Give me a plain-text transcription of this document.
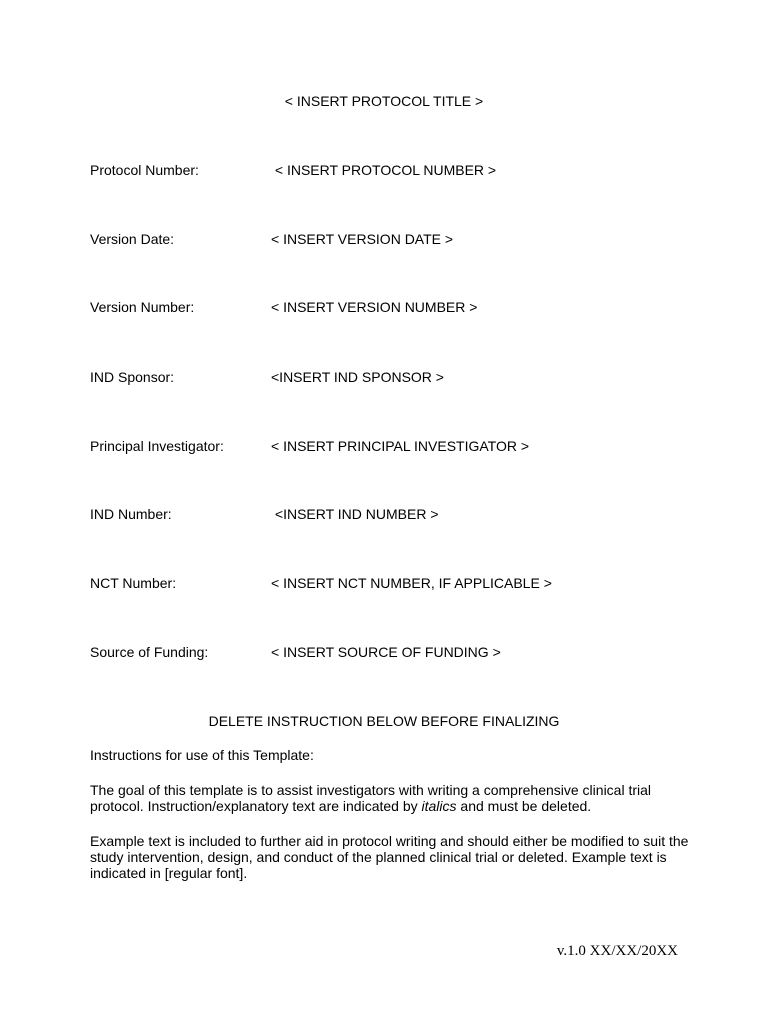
< INSERT PROTOCOL TITLE >
Protocol Number:	< INSERT PROTOCOL NUMBER >
Version Date:	< INSERT VERSION DATE >
Version Number:	< INSERT VERSION NUMBER >
IND Sponsor:	<INSERT IND SPONSOR >
Principal Investigator:	< INSERT PRINCIPAL INVESTIGATOR >
IND Number:	<INSERT IND NUMBER >
NCT Number:	< INSERT NCT NUMBER, IF APPLICABLE >
Source of Funding:	< INSERT SOURCE OF FUNDING >
DELETE INSTRUCTION BELOW BEFORE FINALIZING
Instructions for use of this Template:
The goal of this template is to assist investigators with writing a comprehensive clinical trial protocol. Instruction/explanatory text are indicated by italics and must be deleted.
Example text is included to further aid in protocol writing and should either be modified to suit the study intervention, design, and conduct of the planned clinical trial or deleted. Example text is indicated in [regular font].
v.1.0 XX/XX/20XX
